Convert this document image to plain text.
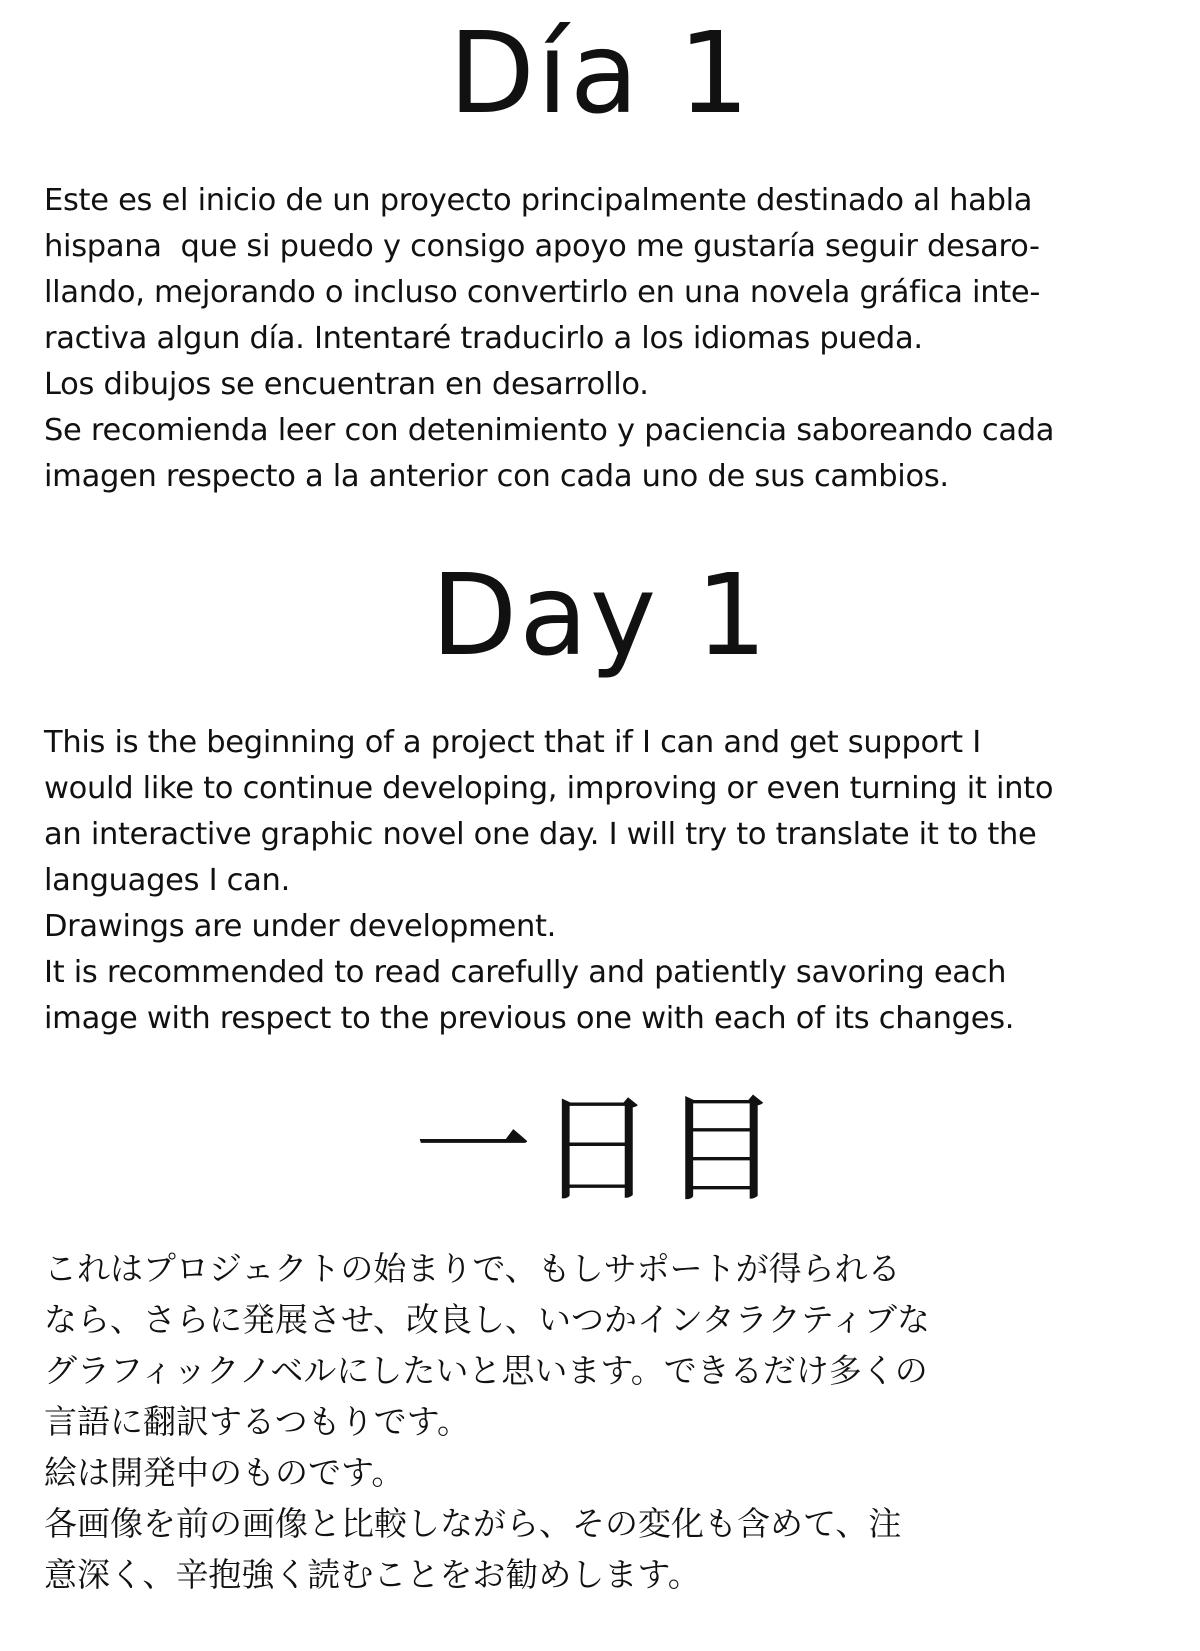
Día 1
Este es el inicio de un proyecto principalmente destinado al habla
hispana  que si puedo y consigo apoyo me gustaría seguir desaro-
llando, mejorando o incluso convertirlo en una novela gráfica inte-
ractiva algun día. Intentaré traducirlo a los idiomas pueda.
Los dibujos se encuentran en desarrollo.
Se recomienda leer con detenimiento y paciencia saboreando cada
imagen respecto a la anterior con cada uno de sus cambios.
Day 1
This is the beginning of a project that if I can and get support I
would like to continue developing, improving or even turning it into
an interactive graphic novel one day. I will try to translate it to the
languages I can.
Drawings are under development.
It is recommended to read carefully and patiently savoring each
image with respect to the previous one with each of its changes.
一日目
これはプロジェクトの始まりで、もしサポートが得られる
なら、さらに発展させ、改良し、いつかインタラクティブな
グラフィックノベルにしたいと思います。できるだけ多くの
言語に翻訳するつもりです。
絵は開発中のものです。
各画像を前の画像と比較しながら、その変化も含めて、注
意深く、辛抱強く読むことをお勧めします。
